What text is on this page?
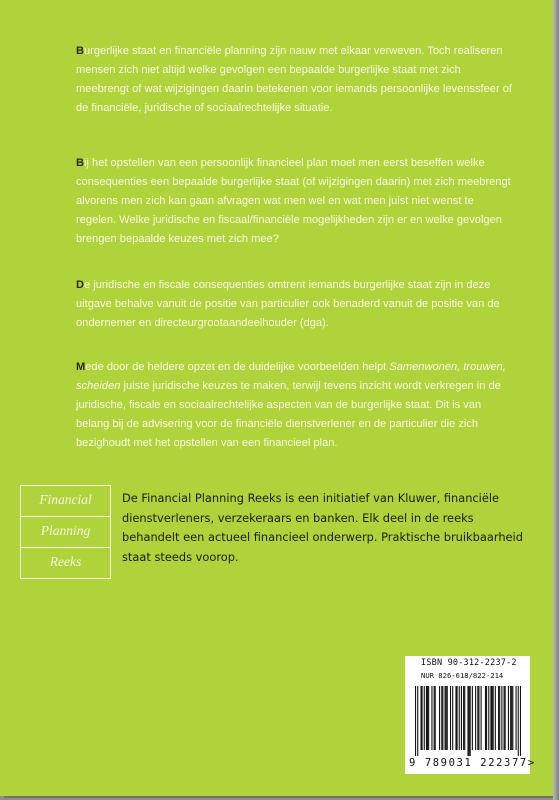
Burgerlijke staat en financiële planning zijn nauw met elkaar verweven. Toch realiseren mensen zich niet altijd welke gevolgen een bepaalde burgerlijke staat met zich meebrengt of wat wijzigingen daarin betekenen voor iemands persoonlijke levenssfeer of de financiële, juridische of sociaalrechtelijke situatie.

Bij het opstellen van een persoonlijk financieel plan moet men eerst beseffen welke consequenties een bepaalde burgerlijke staat (of wijzigingen daarin) met zich meebrengt alvorens men zich kan gaan afvragen wat men wel en wat men juist niet wenst te regelen. Welke juridische en fiscaal/financiële mogelijkheden zijn er en welke gevolgen brengen bepaalde keuzes met zich mee?

De juridische en fiscale consequenties omtrent iemands burgerlijke staat zijn in deze uitgave behalve vanuit de positie van particulier ook benaderd vanuit de positie van de ondernemer en directeurgrootaandeelhouder (dga).

Mede door de heldere opzet en de duidelijke voorbeelden helpt Samenwonen, trouwen, scheiden juiste juridische keuzes te maken, terwijl tevens inzicht wordt verkregen in de juridische, fiscale en sociaalrechtelijke aspecten van de burgerlijke staat. Dit is van belang bij de advisering voor de financiële dienstverlener en de particulier die zich bezighoudt met het opstellen van een financieel plan.

Financial
Planning
Reeks

De Financial Planning Reeks is een initiatief van Kluwer, financiële dienstverleners, verzekeraars en banken. Elk deel in de reeks behandelt een actueel financieel onderwerp. Praktische bruikbaarheid staat steeds voorop.

ISBN 90-312-2237-2
NUR 826-618/822-214
9 789031 222377>
